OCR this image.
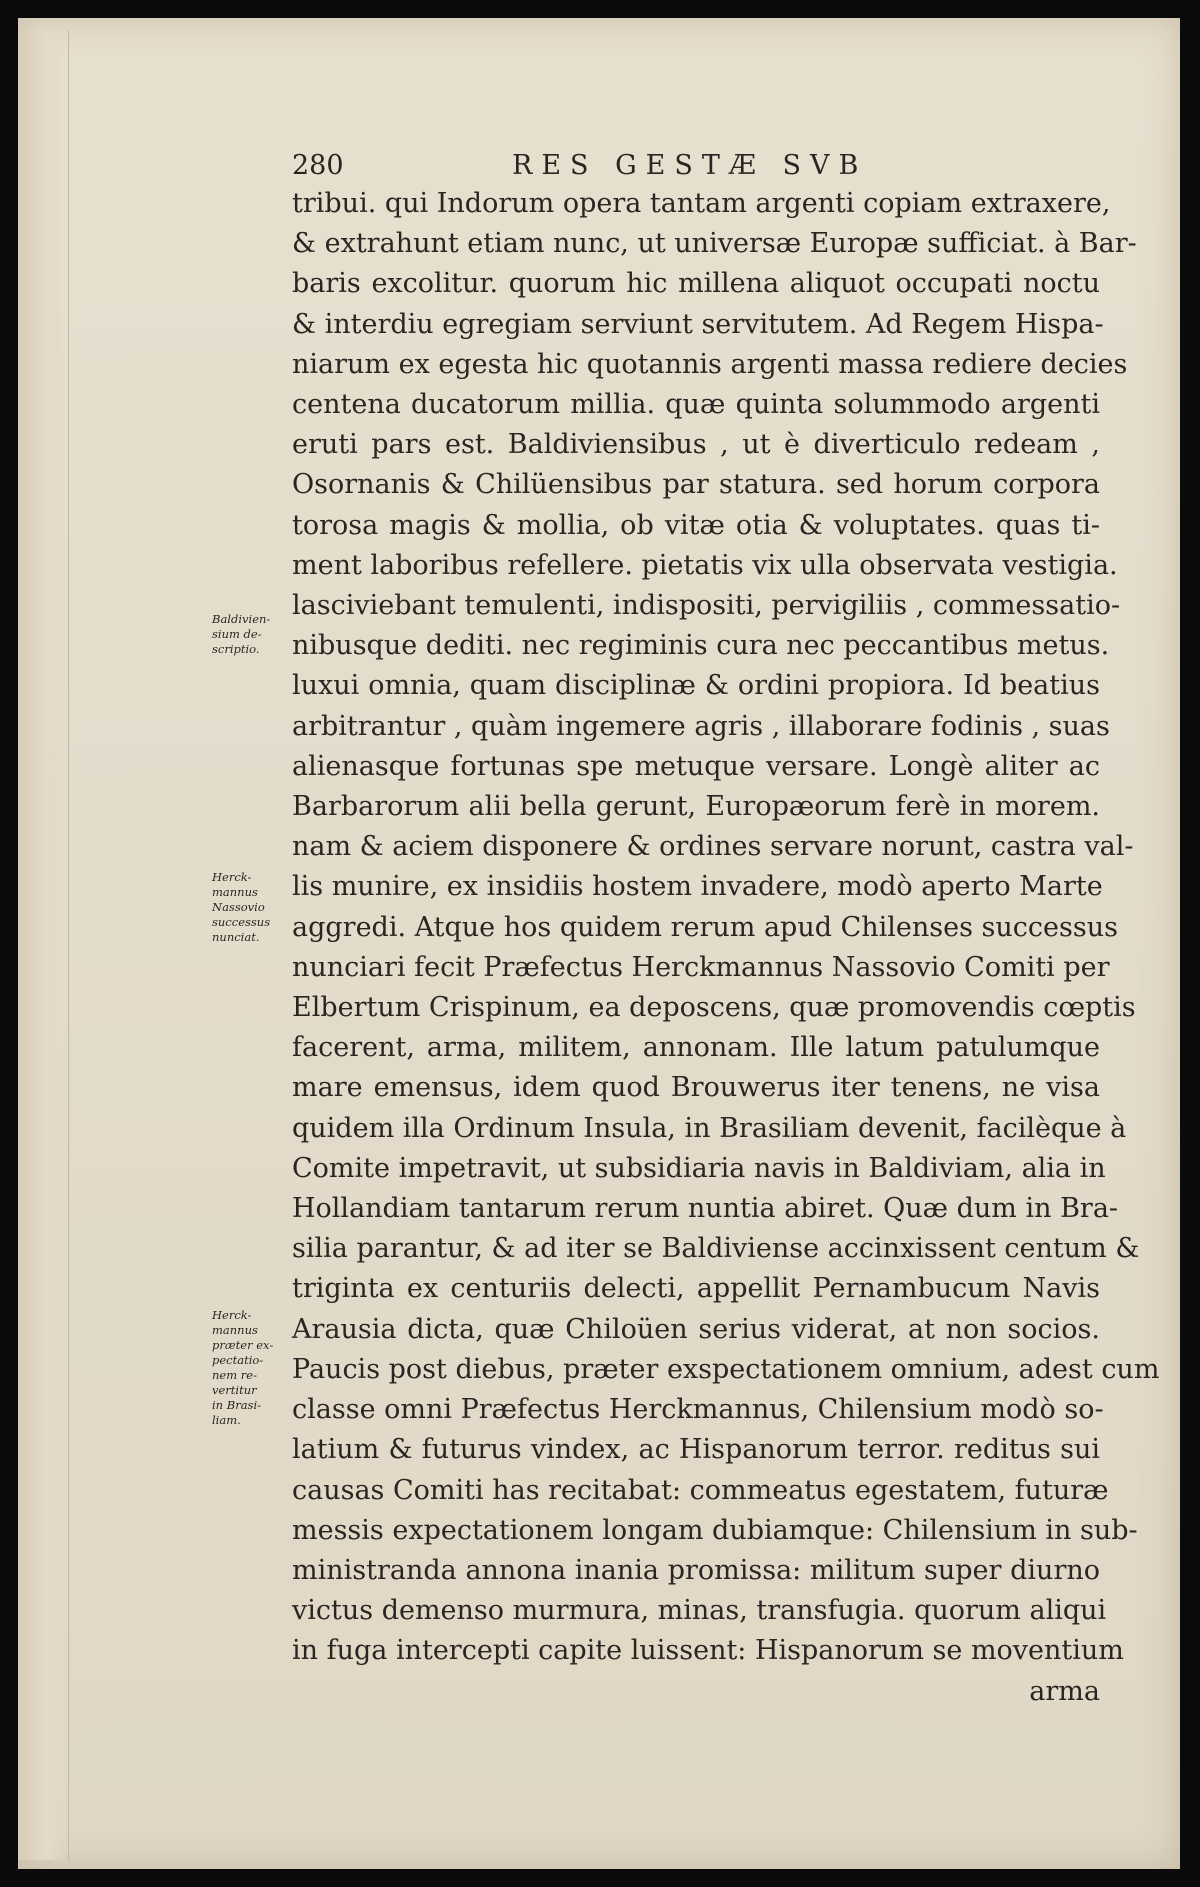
280	RES GESTÆ SVB
tribui. qui Indorum opera tantam argenti copiam extraxere,
& extrahunt etiam nunc, ut universæ Europæ sufficiat. à Bar-
baris excolitur. quorum hic millena aliquot occupati noctu
& interdiu egregiam serviunt servitutem. Ad Regem Hispa-
niarum ex egesta hic quotannis argenti massa rediere decies
centena ducatorum millia. quæ quinta solummodo argenti
eruti pars est. Baldiviensibus , ut è diverticulo redeam ,
Osornanis & Chilüensibus par statura. sed horum corpora
torosa magis & mollia, ob vitæ otia & voluptates. quas ti-
ment laboribus refellere. pietatis vix ulla observata vestigia.
lasciviebant temulenti, indispositi, pervigiliis , commessatio-
nibusque dediti. nec regiminis cura nec peccantibus metus.
luxui omnia, quam disciplinæ & ordini propiora. Id beatius
arbitrantur , quàm ingemere agris , illaborare fodinis , suas
alienasque fortunas spe metuque versare. Longè aliter ac
Barbarorum alii bella gerunt, Europæorum ferè in morem.
nam & aciem disponere & ordines servare norunt, castra val-
lis munire, ex insidiis hostem invadere, modò aperto Marte
aggredi. Atque hos quidem rerum apud Chilenses successus
nunciari fecit Præfectus Herckmannus Nassovio Comiti per
Elbertum Crispinum, ea deposcens, quæ promovendis cœptis
facerent, arma, militem, annonam. Ille latum patulumque
mare emensus, idem quod Brouwerus iter tenens, ne visa
quidem illa Ordinum Insula, in Brasiliam devenit, facilèque à
Comite impetravit, ut subsidiaria navis in Baldiviam, alia in
Hollandiam tantarum rerum nuntia abiret. Quæ dum in Bra-
silia parantur, & ad iter se Baldiviense accinxissent centum &
triginta ex centuriis delecti, appellit Pernambucum Navis
Arausia dicta, quæ Chiloüen serius viderat, at non socios.
Paucis post diebus, præter exspectationem omnium, adest cum
classe omni Præfectus Herckmannus, Chilensium modò so-
latium & futurus vindex, ac Hispanorum terror. reditus sui
causas Comiti has recitabat: commeatus egestatem, futuræ
messis expectationem longam dubiamque: Chilensium in sub-
ministranda annona inania promissa: militum super diurno
victus demenso murmura, minas, transfugia. quorum aliqui
in fuga intercepti capite luissent: Hispanorum se moventium
arma
Baldivien-
sium de-
scriptio.
Herck-
mannus
Nassovio
successus
nunciat.
Herck-
mannus
præter ex-
pectatio-
nem re-
vertitur
in Brasi-
liam.
